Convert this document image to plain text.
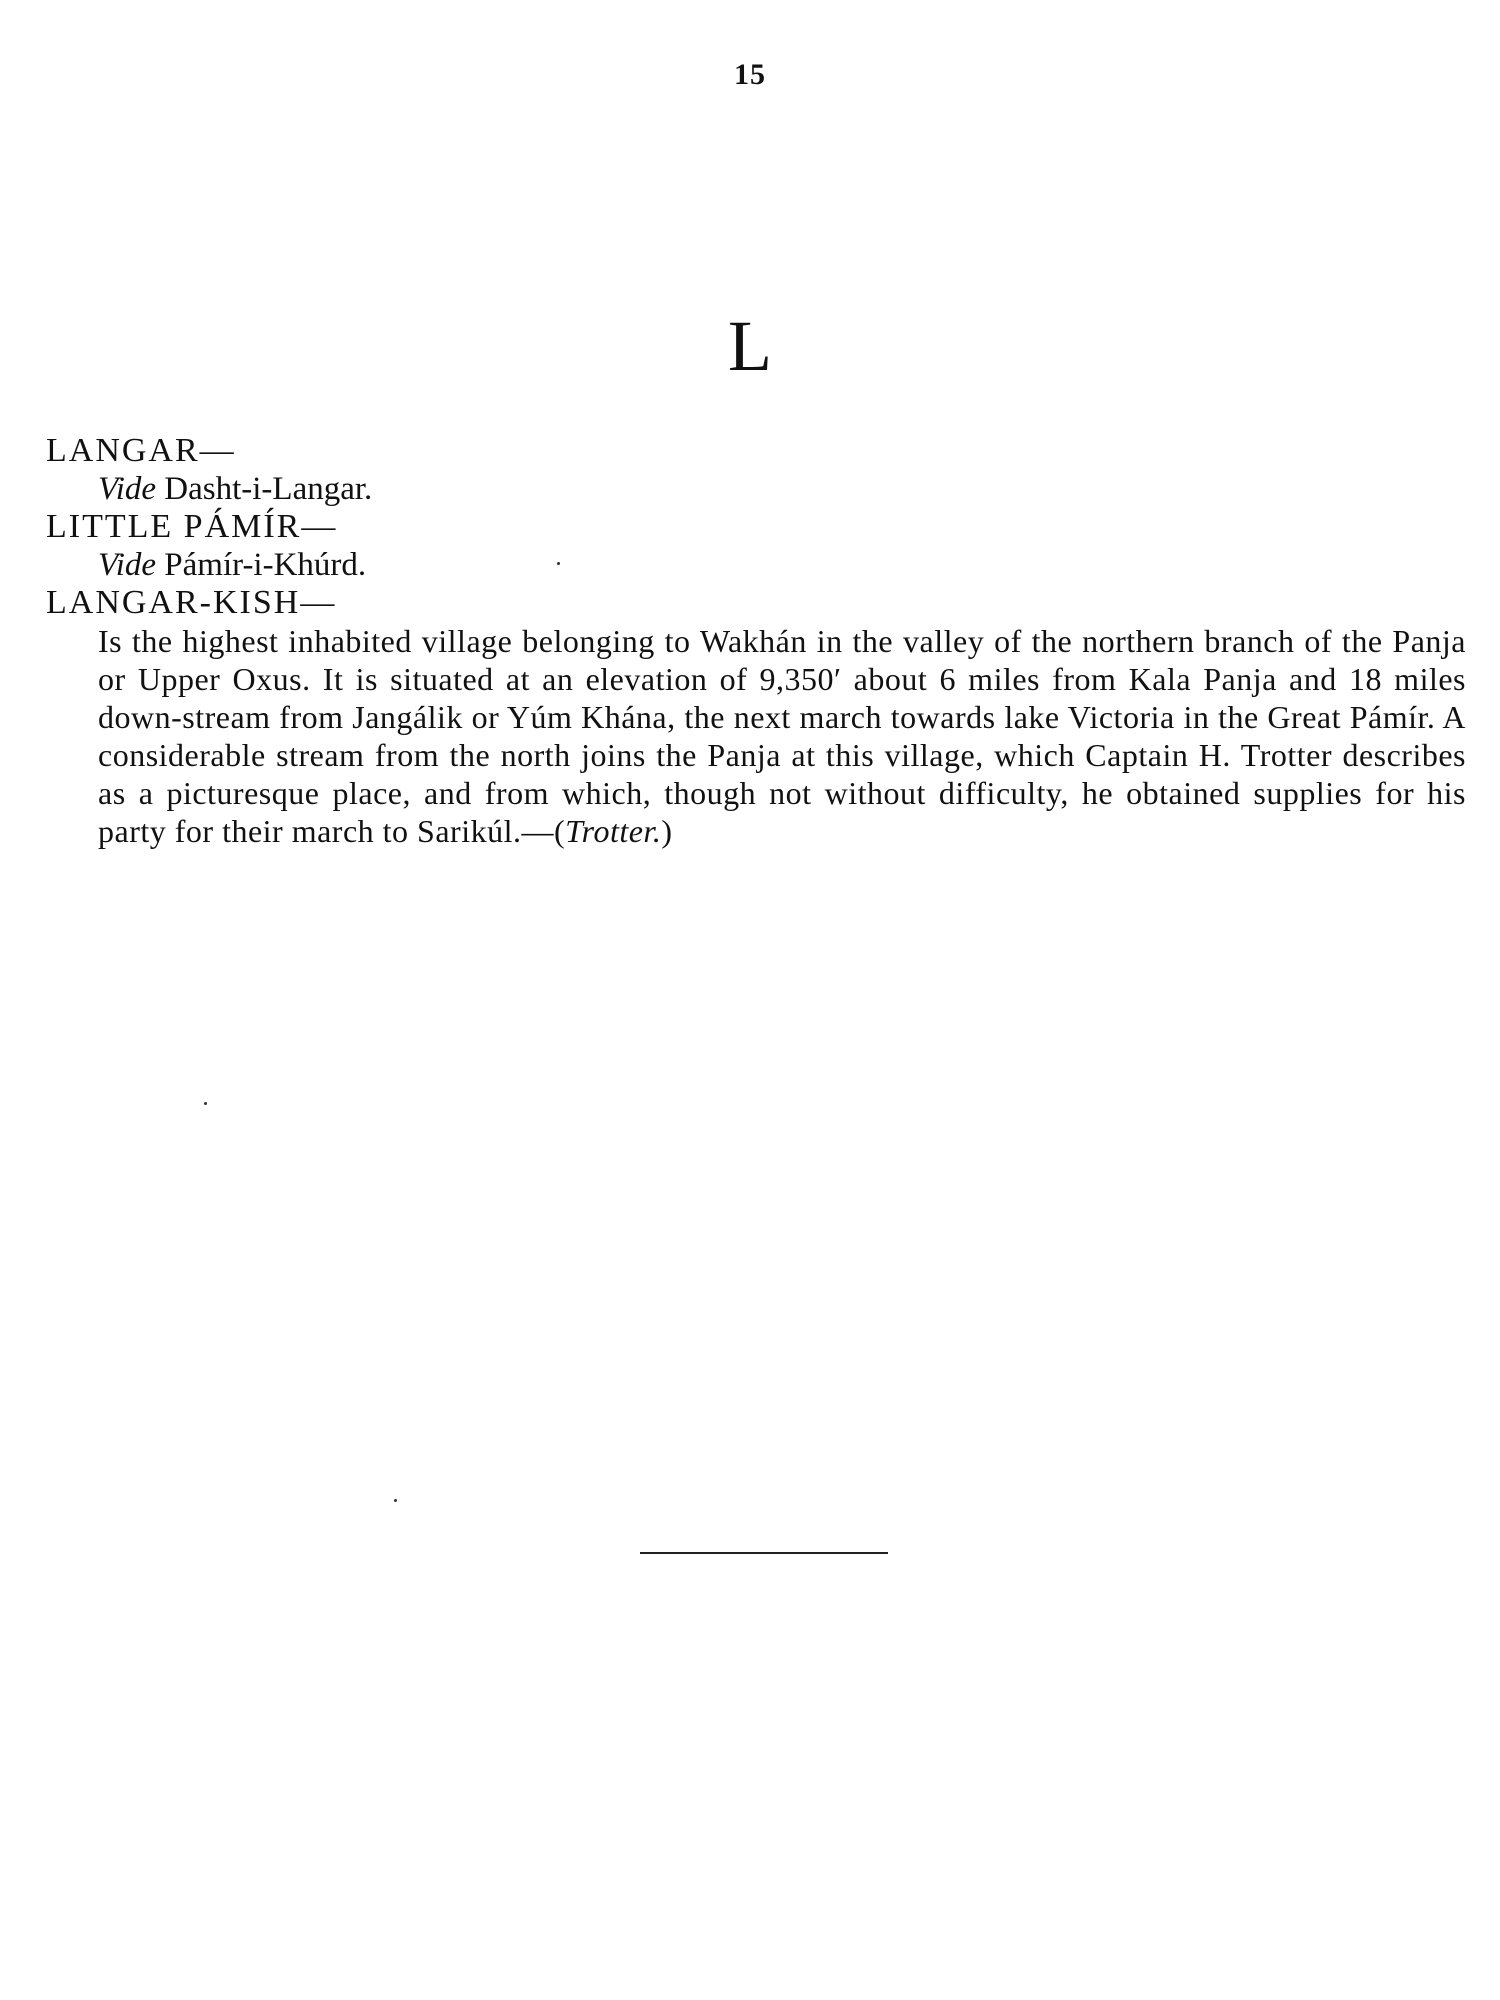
15
L
LANGAR—
Vide Dasht-i-Langar.
LITTLE PÁMÍR—
Vide Pámír-i-Khúrd.
LANGAR-KISH—
Is the highest inhabited village belonging to Wakhán in the valley of the northern branch of the Panja or Upper Oxus. It is situated at an elevation of 9,350′ about 6 miles from Kala Panja and 18 miles down-stream from Jangálik or Yúm Khána, the next march towards lake Victoria in the Great Pámír. A considerable stream from the north joins the Panja at this village, which Captain H. Trotter describes as a picturesque place, and from which, though not without difficulty, he obtained supplies for his party for their march to Sarikúl.—(Trotter.)
